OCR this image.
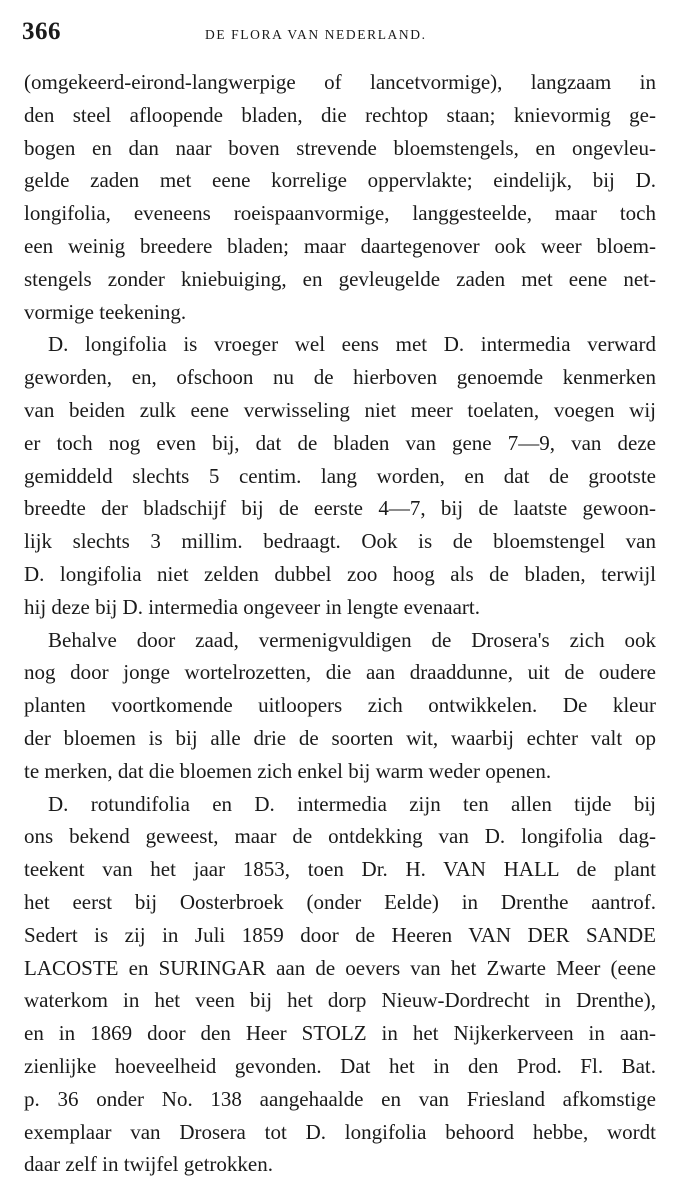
366	DE FLORA VAN NEDERLAND.
(omgekeerd-eirond-langwerpige of lancetvormige), langzaam in
den steel afloopende bladen, die rechtop staan; knievormig ge-
bogen en dan naar boven strevende bloemstengels, en ongevleu-
gelde zaden met eene korrelige oppervlakte; eindelijk, bij D.
longifolia, eveneens roeispaanvormige, langgesteelde, maar toch
een weinig breedere bladen; maar daartegenover ook weer bloem-
stengels zonder kniebuiging, en gevleugelde zaden met eene net-
vormige teekening.
D. longifolia is vroeger wel eens met D. intermedia verward
geworden, en, ofschoon nu de hierboven genoemde kenmerken
van beiden zulk eene verwisseling niet meer toelaten, voegen wij
er toch nog even bij, dat de bladen van gene 7—9, van deze
gemiddeld slechts 5 centim. lang worden, en dat de grootste
breedte der bladschijf bij de eerste 4—7, bij de laatste gewoon-
lijk slechts 3 millim. bedraagt. Ook is de bloemstengel van
D. longifolia niet zelden dubbel zoo hoog als de bladen, terwijl
hij deze bij D. intermedia ongeveer in lengte evenaart.
Behalve door zaad, vermenigvuldigen de Drosera's zich ook
nog door jonge wortelrozetten, die aan draaddunne, uit de oudere
planten voortkomende uitloopers zich ontwikkelen. De kleur
der bloemen is bij alle drie de soorten wit, waarbij echter valt op
te merken, dat die bloemen zich enkel bij warm weder openen.
D. rotundifolia en D. intermedia zijn ten allen tijde bij
ons bekend geweest, maar de ontdekking van D. longifolia dag-
teekent van het jaar 1853, toen Dr. H. VAN HALL de plant
het eerst bij Oosterbroek (onder Eelde) in Drenthe aantrof.
Sedert is zij in Juli 1859 door de Heeren VAN DER SANDE
LACOSTE en SURINGAR aan de oevers van het Zwarte Meer (eene
waterkom in het veen bij het dorp Nieuw-Dordrecht in Drenthe),
en in 1869 door den Heer STOLZ in het Nijkerkerveen in aan-
zienlijke hoeveelheid gevonden. Dat het in den Prod. Fl. Bat.
p. 36 onder No. 138 aangehaalde en van Friesland afkomstige
exemplaar van Drosera tot D. longifolia behoord hebbe, wordt
daar zelf in twijfel getrokken.
